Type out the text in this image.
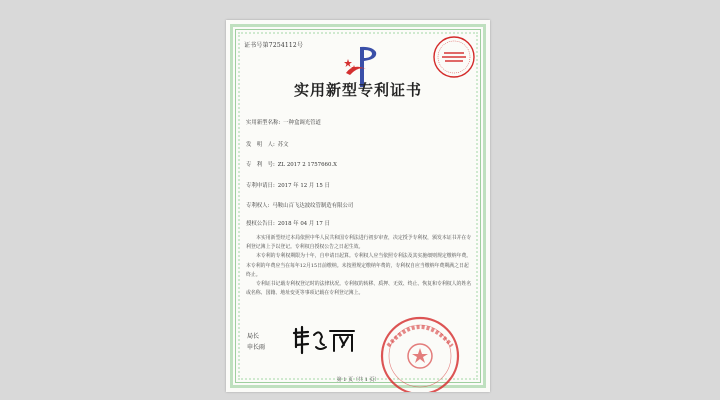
证书号第7254112号
实用新型专利证书
实用新型名称: 一种盒调光管道
发　明　人: 苏文
专　利　号: ZL 2017 2 1757660.X
专利申请日: 2017 年 12 月 15 日
专利权人: 马鞍山百飞达波纹管制造有限公司
授权公告日: 2018 年 04 月 17 日

本实用新型经过本局依照中华人民共和国专利法进行初步审查，决定授予专利权，颁发本证书并在专利登记簿上予以登记。专利权自授权公告之日起生效。

本专利的专利权期限为十年，自申请日起算。专利权人应当依照专利法及其实施细则规定缴纳年费。本专利的年费应当在每年12月15日前缴纳。未按照规定缴纳年费的，专利权自应当缴纳年费期满之日起终止。

专利证书记载专利权登记时的法律状况。专利权的转移、质押、无效、终止、恢复和专利权人的姓名或名称、国籍、地址变更等事项记载在专利登记簿上。

局长
申长雨
第 1 页（共 1 页）
